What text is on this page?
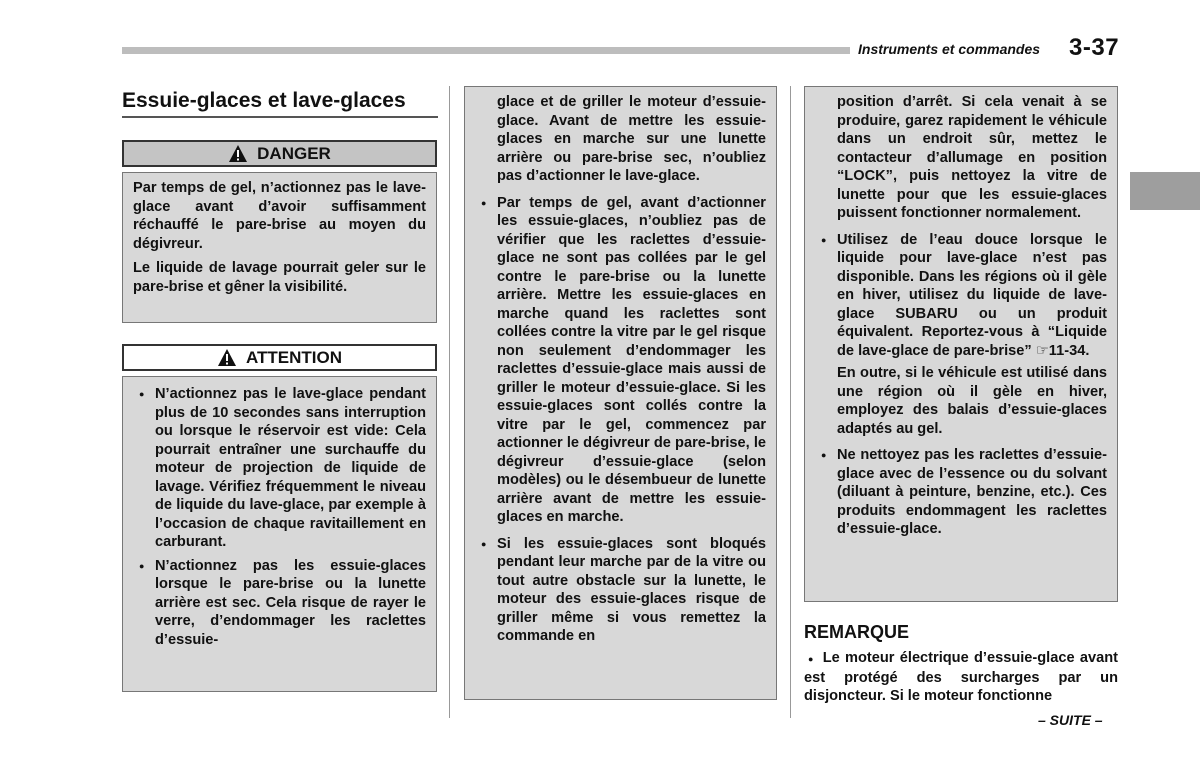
Instruments et commandes 3-37
Essuie-glaces et lave-glaces
DANGER

Par temps de gel, n’actionnez pas le lave-glace avant d’avoir suffisamment réchauffé le pare-brise au moyen du dégivreur.

Le liquide de lavage pourrait geler sur le pare-brise et gêner la visibilité.

ATTENTION
● N’actionnez pas le lave-glace pendant plus de 10 secondes sans interruption ou lorsque le réservoir est vide: Cela pourrait entraîner une surchauffe du moteur de projection de liquide de lavage. Vérifiez fréquemment le niveau de liquide du lave-glace, par exemple à l’occasion de chaque ravitaillement en carburant.
● N’actionnez pas les essuie-glaces lorsque le pare-brise ou la lunette arrière est sec. Cela risque de rayer le verre, d’endommager les raclettes d’essuie-
glace et de griller le moteur d’essuie-glace. Avant de mettre les essuie-glaces en marche sur une lunette arrière ou pare-brise sec, n’oubliez pas d’actionner le lave-glace.
● Par temps de gel, avant d’actionner les essuie-glaces, n’oubliez pas de vérifier que les raclettes d’essuie-glace ne sont pas collées par le gel contre le pare-brise ou la lunette arrière. Mettre les essuie-glaces en marche quand les raclettes sont collées contre la vitre par le gel risque non seulement d’endommager les raclettes d’essuie-glace mais aussi de griller le moteur d’essuie-glace. Si les essuie-glaces sont collés contre la vitre par le gel, commencez par actionner le dégivreur de pare-brise, le dégivreur d’essuie-glace (selon modèles) ou le désembueur de lunette arrière avant de mettre les essuie-glaces en marche.
● Si les essuie-glaces sont bloqués pendant leur marche par de la vitre ou tout autre obstacle sur la lunette, le moteur des essuie-glaces risque de griller même si vous remettez la commande en
position d’arrêt. Si cela venait à se produire, garez rapidement le véhicule dans un endroit sûr, mettez le contacteur d’allumage en position “LOCK”, puis nettoyez la vitre de lunette pour que les essuie-glaces puissent fonctionner normalement.
● Utilisez de l’eau douce lorsque le liquide pour lave-glace n’est pas disponible. Dans les régions où il gèle en hiver, utilisez du liquide de lave-glace SUBARU ou un produit équivalent. Reportez-vous à “Liquide de lave-glace de pare-brise” ☞11-34.
En outre, si le véhicule est utilisé dans une région où il gèle en hiver, employez des balais d’essuie-glaces adaptés au gel.
● Ne nettoyez pas les raclettes d’essuie-glace avec de l’essence ou du solvant (diluant à peinture, benzine, etc.). Ces produits endommagent les raclettes d’essuie-glace.
REMARQUE
● Le moteur électrique d’essuie-glace avant est protégé des surcharges par un disjoncteur. Si le moteur fonctionne
– SUITE –
